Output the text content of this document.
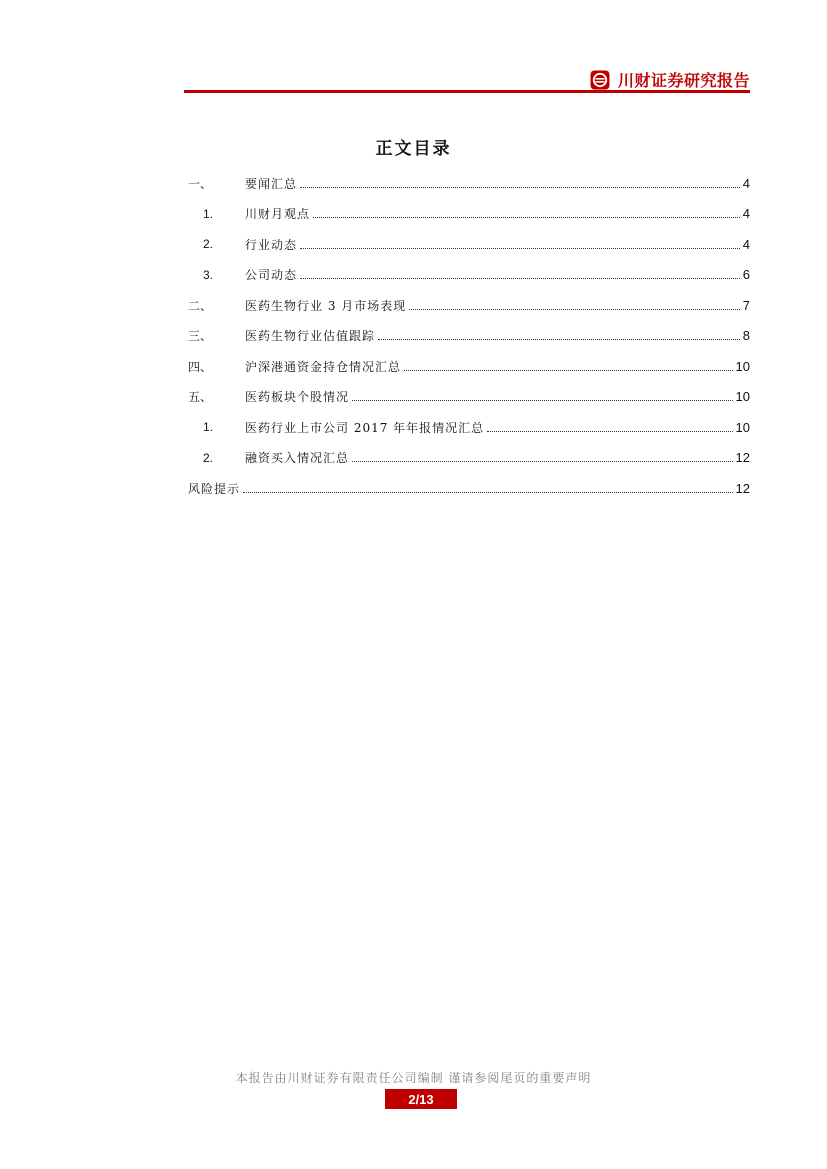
川财证券研究报告
正文目录
一、	要闻汇总	4
1.	川财月观点	4
2.	行业动态	4
3.	公司动态	6
二、	医药生物行业 3 月市场表现	7
三、	医药生物行业估值跟踪	8
四、	沪深港通资金持仓情况汇总	10
五、	医药板块个股情况	10
1.	医药行业上市公司 2017 年年报情况汇总	10
2.	融资买入情况汇总	12
风险提示	12
本报告由川财证券有限责任公司编制 谨请参阅尾页的重要声明
2/13
